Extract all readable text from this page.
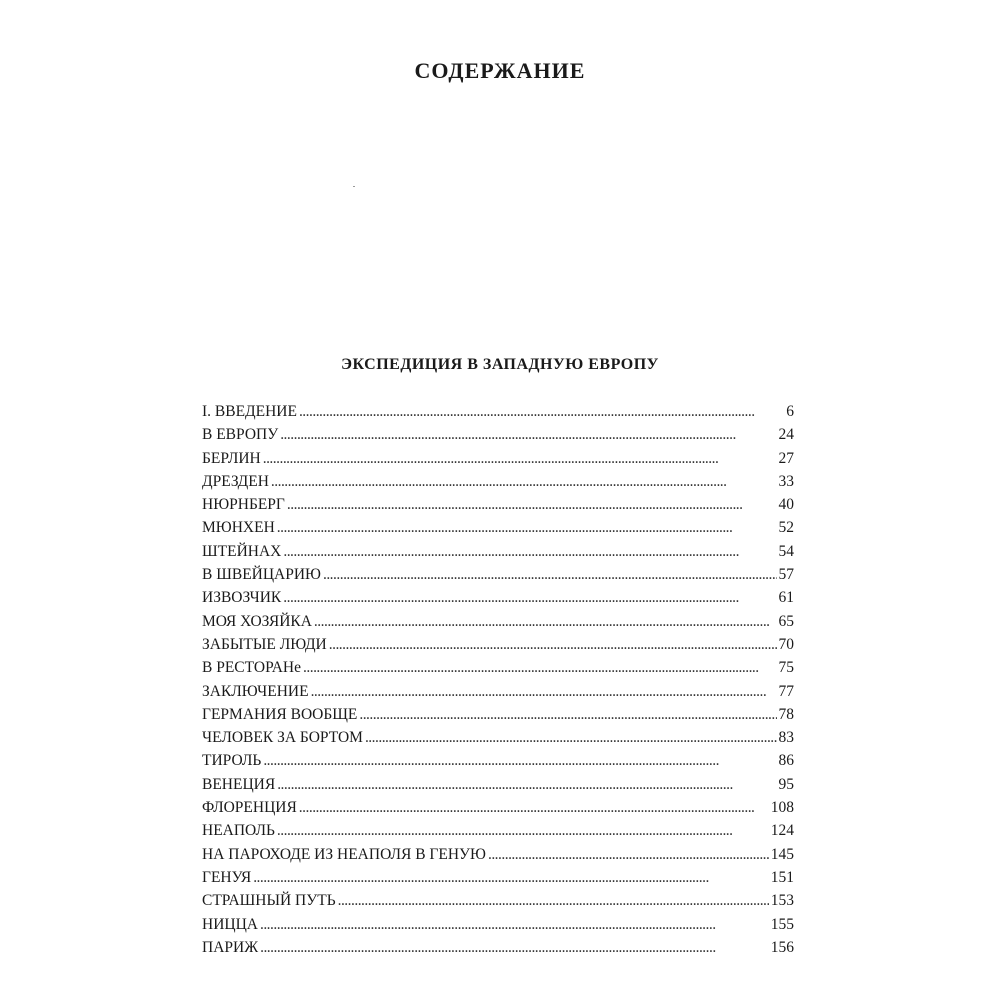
СОДЕРЖАНИЕ
ЭКСПЕДИЦИЯ В ЗАПАДНУЮ ЕВРОПУ
I. ВВЕДЕНИЕ . . .	6
В ЕВРОПУ . . .	24
БЕРЛИН . . .	27
ДРЕЗДЕН . . .	33
НЮРНБЕРГ . . .	40
МЮНХЕН . . .	52
ШТЕЙНАХ . . .	54
В ШВЕЙЦАРИЮ . . .	57
ИЗВОЗЧИК . . .	61
МОЯ ХОЗЯЙКА . . .	65
ЗАБЫТЫЕ ЛЮДИ . . .	70
В РЕСТОРАНе . . .	75
ЗАКЛЮЧЕНИЕ . . .	77
ГЕРМАНИЯ ВООБЩЕ . . .	78
ЧЕЛОВЕК ЗА БОРТОМ . . .	83
ТИРОЛЬ . . .	86
ВЕНЕЦИЯ . . .	95
ФЛОРЕНЦИЯ . . .	108
НЕАПОЛЬ . . .	124
НА ПАРОХОДЕ ИЗ НЕАПОЛЯ В ГЕНУЮ . . .	145
ГЕНУЯ . . .	151
СТРАШНЫЙ ПУТЬ . . .	153
НИЦЦА . . .	155
ПАРИЖ . . .	156
